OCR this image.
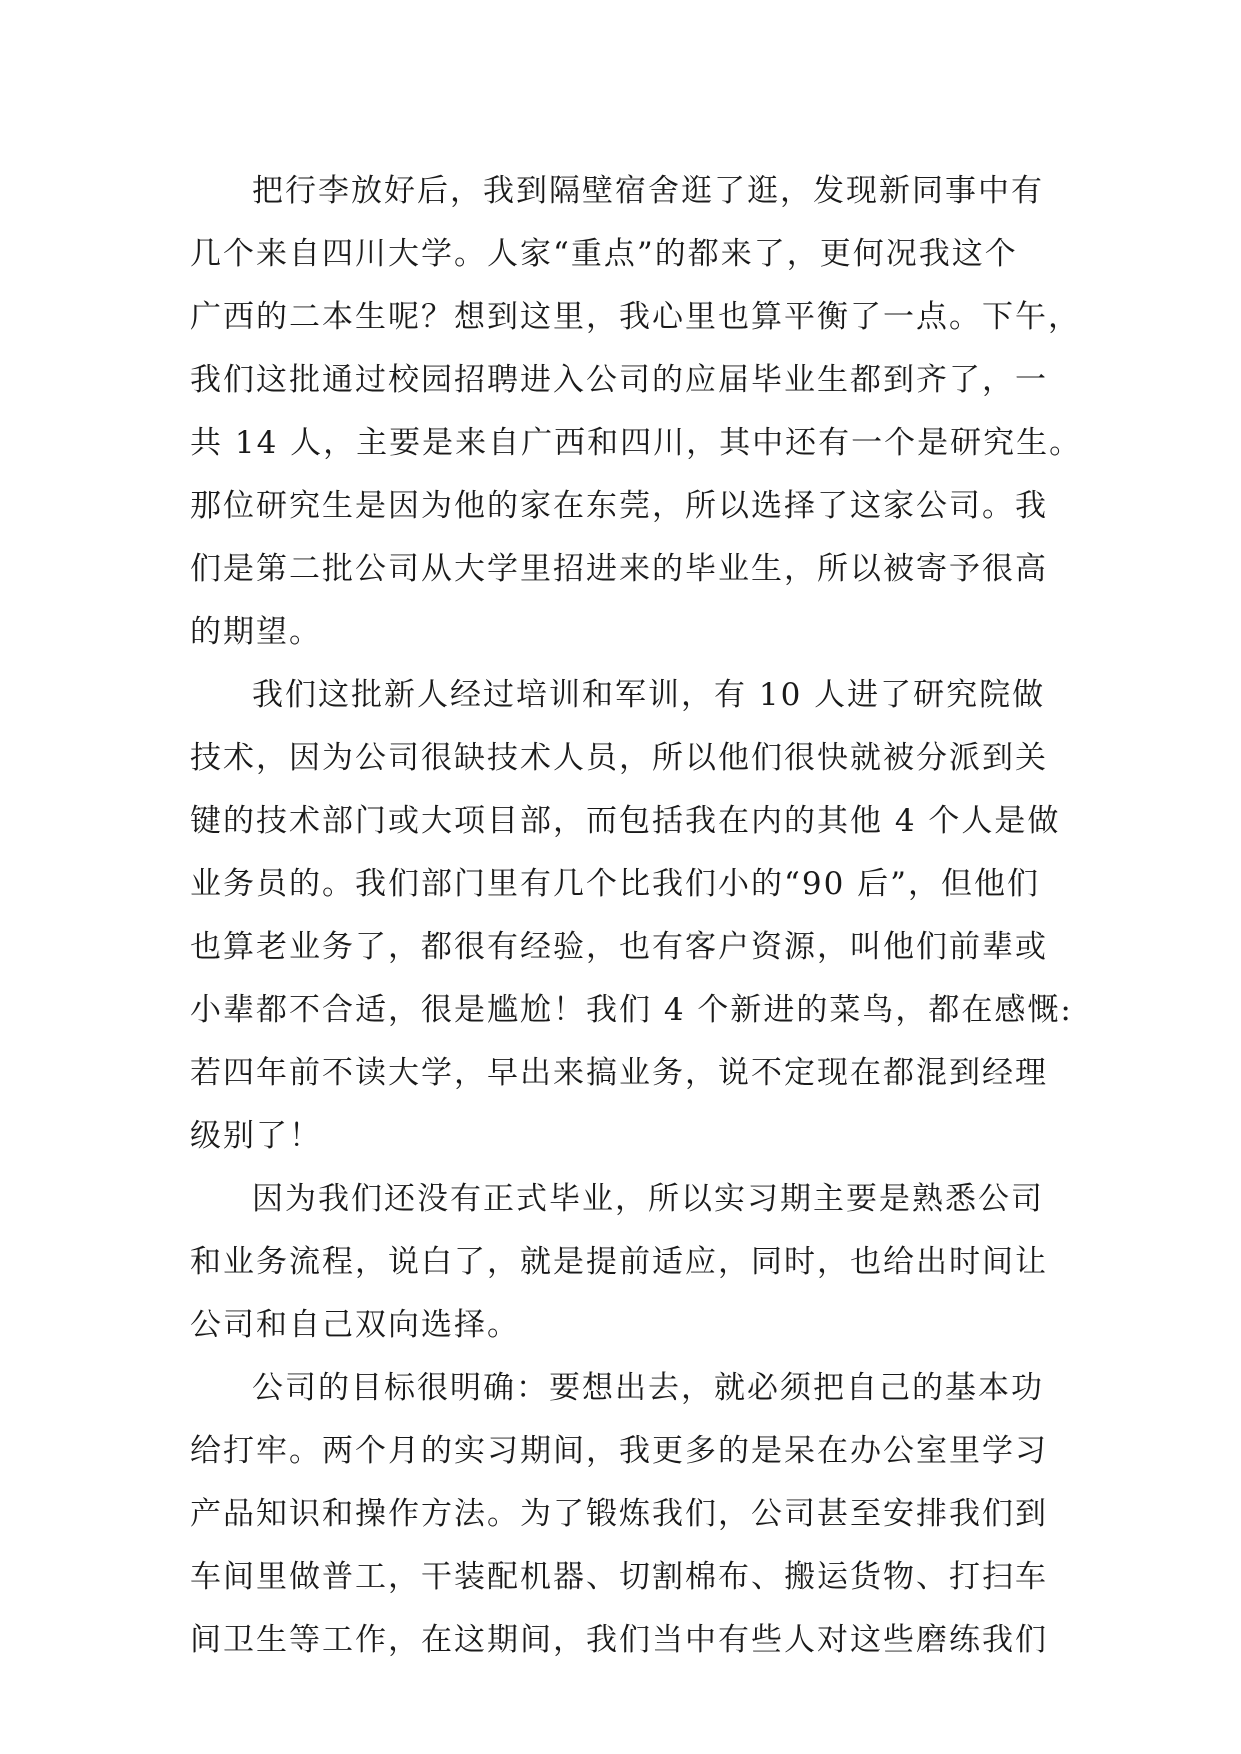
把行李放好后，我到隔壁宿舍逛了逛，发现新同事中有
几个来自四川大学。人家“重点”的都来了，更何况我这个
广西的二本生呢？想到这里，我心里也算平衡了一点。下午，
我们这批通过校园招聘进入公司的应届毕业生都到齐了，一
共 14 人，主要是来自广西和四川，其中还有一个是研究生。
那位研究生是因为他的家在东莞，所以选择了这家公司。我
们是第二批公司从大学里招进来的毕业生，所以被寄予很高
的期望。

我们这批新人经过培训和军训，有 10 人进了研究院做
技术，因为公司很缺技术人员，所以他们很快就被分派到关
键的技术部门或大项目部，而包括我在内的其他 4 个人是做
业务员的。我们部门里有几个比我们小的“90 后”，但他们
也算老业务了，都很有经验，也有客户资源，叫他们前辈或
小辈都不合适，很是尴尬！我们 4 个新进的菜鸟，都在感慨:
若四年前不读大学，早出来搞业务，说不定现在都混到经理
级别了！

因为我们还没有正式毕业，所以实习期主要是熟悉公司
和业务流程，说白了，就是提前适应，同时，也给出时间让
公司和自己双向选择。

公司的目标很明确：要想出去，就必须把自己的基本功
给打牢。两个月的实习期间，我更多的是呆在办公室里学习
产品知识和操作方法。为了锻炼我们，公司甚至安排我们到
车间里做普工，干装配机器、切割棉布、搬运货物、打扫车
间卫生等工作，在这期间，我们当中有些人对这些磨练我们
